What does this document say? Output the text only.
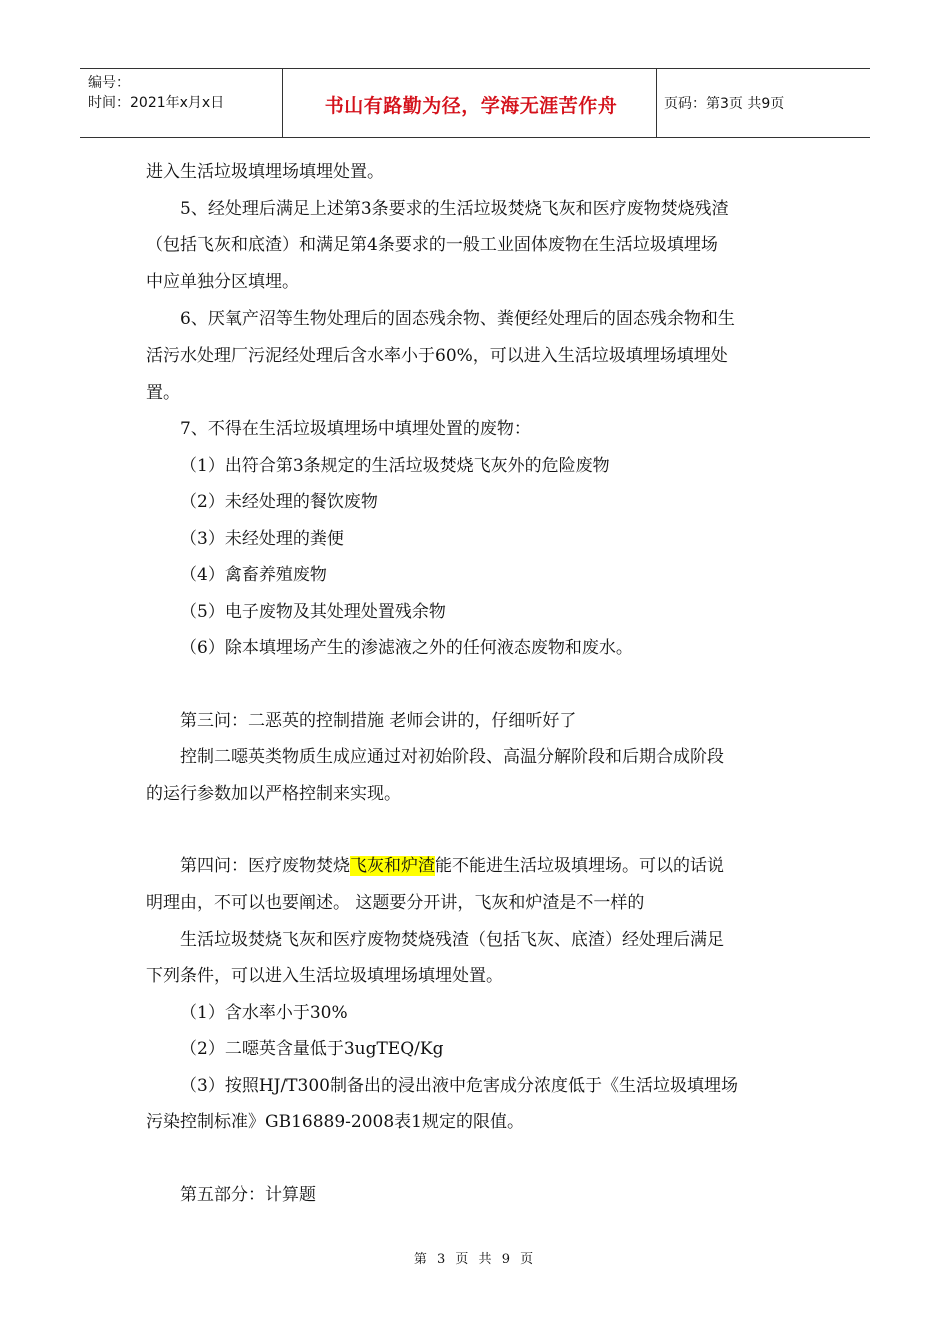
编号：
时间：2021年x月x日	书山有路勤为径，学海无涯苦作舟	页码：第3页 共9页
进入生活垃圾填埋场填埋处置。
5、经处理后满足上述第3条要求的生活垃圾焚烧飞灰和医疗废物焚烧残渣
（包括飞灰和底渣）和满足第4条要求的一般工业固体废物在生活垃圾填埋场
中应单独分区填埋。
6、厌氧产沼等生物处理后的固态残余物、粪便经处理后的固态残余物和生
活污水处理厂污泥经处理后含水率小于60%，可以进入生活垃圾填埋场填埋处
置。
7、不得在生活垃圾填埋场中填埋处置的废物：
（1）出符合第3条规定的生活垃圾焚烧飞灰外的危险废物
（2）未经处理的餐饮废物
（3）未经处理的粪便
（4）禽畜养殖废物
（5）电子废物及其处理处置残余物
（6）除本填埋场产生的渗滤液之外的任何液态废物和废水。
第三问：二恶英的控制措施 老师会讲的，仔细听好了
控制二噁英类物质生成应通过对初始阶段、高温分解阶段和后期合成阶段
的运行参数加以严格控制来实现。
第四问：医疗废物焚烧飞灰和炉渣能不能进生活垃圾填埋场。可以的话说
明理由，不可以也要阐述。 这题要分开讲，飞灰和炉渣是不一样的
生活垃圾焚烧飞灰和医疗废物焚烧残渣（包括飞灰、底渣）经处理后满足
下列条件，可以进入生活垃圾填埋场填埋处置。
（1）含水率小于30%
（2）二噁英含量低于3ugTEQ/Kg
（3）按照HJ/T300制备出的浸出液中危害成分浓度低于《生活垃圾填埋场
污染控制标准》GB16889-2008表1规定的限值。
第五部分：计算题
第 3 页 共 9 页
